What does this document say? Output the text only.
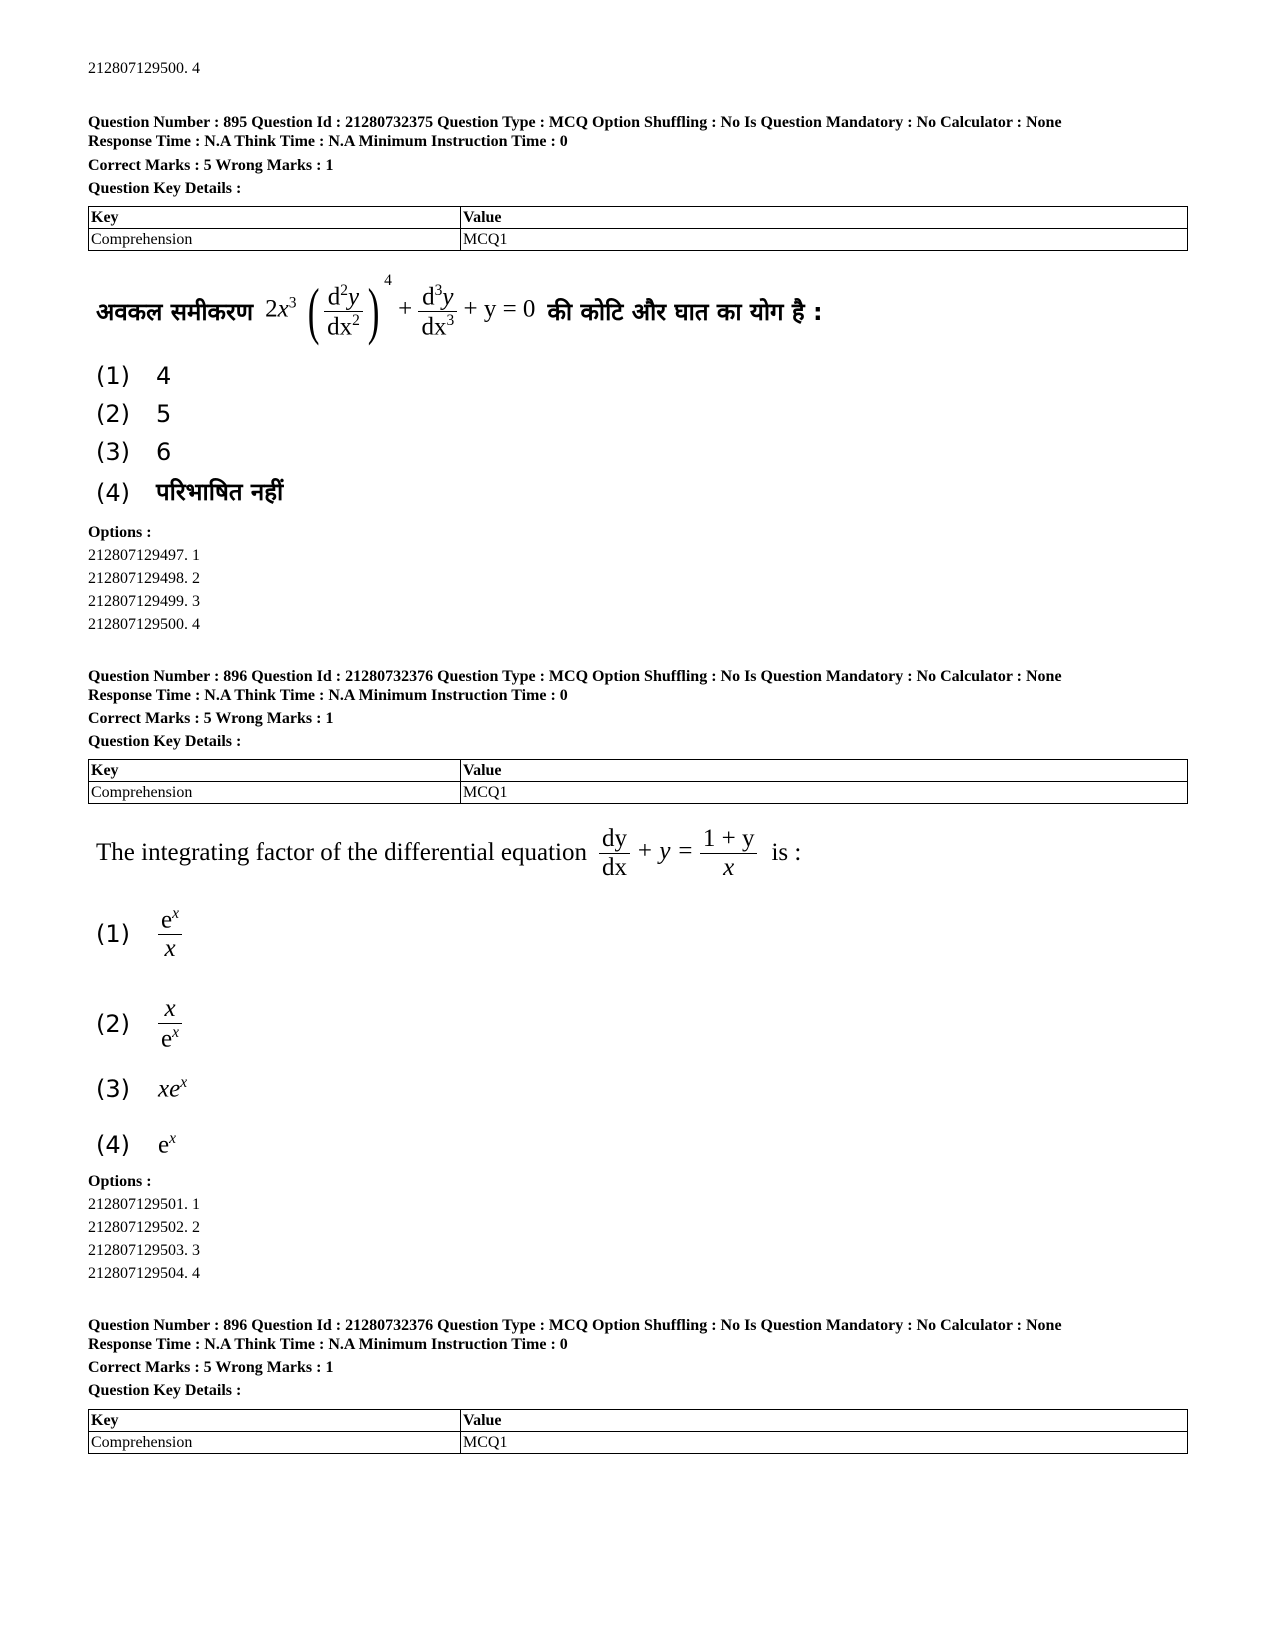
212807129500. 4
Question Number : 895 Question Id : 21280732375 Question Type : MCQ Option Shuffling : No Is Question Mandatory : No Calculator : None
Response Time : N.A Think Time : N.A Minimum Instruction Time : 0
Correct Marks : 5 Wrong Marks : 1
Question Key Details :
Key	Value
Comprehension	MCQ1
अवकल समीकरण $2x^3$ ( $\frac{d^2y}{dx^2}$ ) $^4 + \frac{d^3y}{dx^3} + y = 0$ की कोटि और घात का योग है :
(1) 4
(2) 5
(3) 6
(4) परिभाषित नहीं
Options :
212807129497. 1
212807129498. 2
212807129499. 3
212807129500. 4
Question Number : 896 Question Id : 21280732376 Question Type : MCQ Option Shuffling : No Is Question Mandatory : No Calculator : None
Response Time : N.A Think Time : N.A Minimum Instruction Time : 0
Correct Marks : 5 Wrong Marks : 1
Question Key Details :
Key	Value
Comprehension	MCQ1
The integrating factor of the differential equation $\frac{dy}{dx} + y = \frac{1 + y}{x}$ is :
(1)	$\frac{e^x}{x}$
(2)	$\frac{x}{e^x}$
(3)	$xe^x$
(4)	$e^x$
Options :
212807129501. 1
212807129502. 2
212807129503. 3
212807129504. 4
Question Number : 896 Question Id : 21280732376 Question Type : MCQ Option Shuffling : No Is Question Mandatory : No Calculator : None
Response Time : N.A Think Time : N.A Minimum Instruction Time : 0
Correct Marks : 5 Wrong Marks : 1
Question Key Details :
Key	Value
Comprehension	MCQ1
